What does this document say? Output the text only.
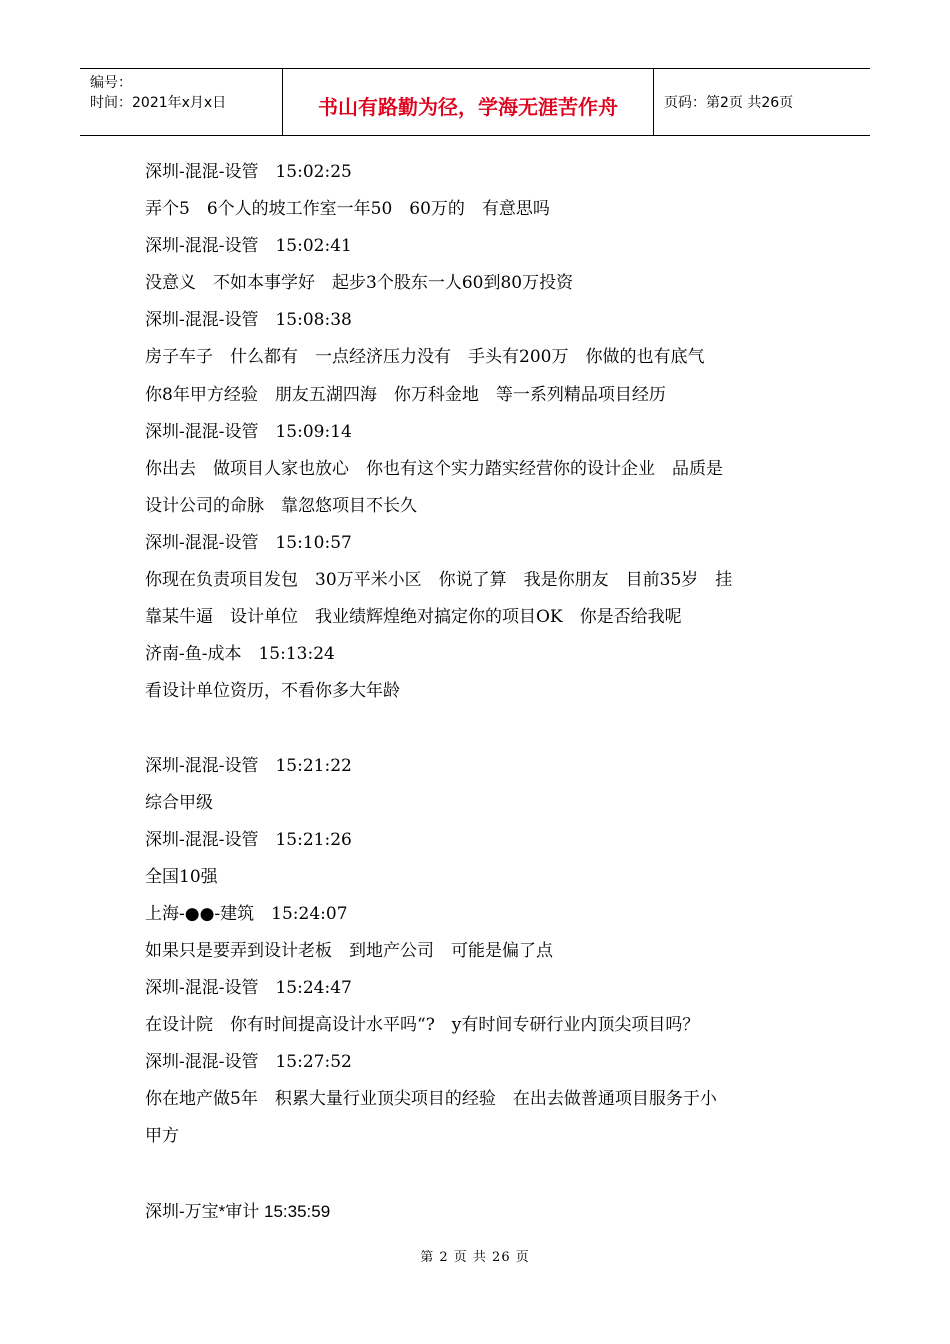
编号：
时间：2021年x月x日	书山有路勤为径，学海无涯苦作舟	页码：第2页 共26页
深圳-混混-设管　15:02:25
弄个5　6个人的坡工作室一年50　60万的　有意思吗
深圳-混混-设管　15:02:41
没意义　不如本事学好　起步3个股东一人60到80万投资
深圳-混混-设管　15:08:38
房子车子　什么都有　一点经济压力没有　手头有200万　你做的也有底气
你8年甲方经验　朋友五湖四海　你万科金地　等一系列精品项目经历
深圳-混混-设管　15:09:14
你出去　做项目人家也放心　你也有这个实力踏实经营你的设计企业　品质是
设计公司的命脉　靠忽悠项目不长久
深圳-混混-设管　15:10:57
你现在负责项目发包　30万平米小区　你说了算　我是你朋友　目前35岁　挂
靠某牛逼　设计单位　我业绩辉煌绝对搞定你的项目OK　你是否给我呢
济南-鱼-成本　15:13:24
看设计单位资历，不看你多大年龄
深圳-混混-设管　15:21:22
综合甲级
深圳-混混-设管　15:21:26
全国10强
上海-●●-建筑　15:24:07
如果只是要弄到设计老板　到地产公司　可能是偏了点
深圳-混混-设管　15:24:47
在设计院　你有时间提高设计水平吗“?　y有时间专研行业内顶尖项目吗？
深圳-混混-设管　15:27:52
你在地产做5年　积累大量行业顶尖项目的经验　在出去做普通项目服务于小
甲方
深圳-万宝*审计 15:35:59
第 2 页 共 26 页
